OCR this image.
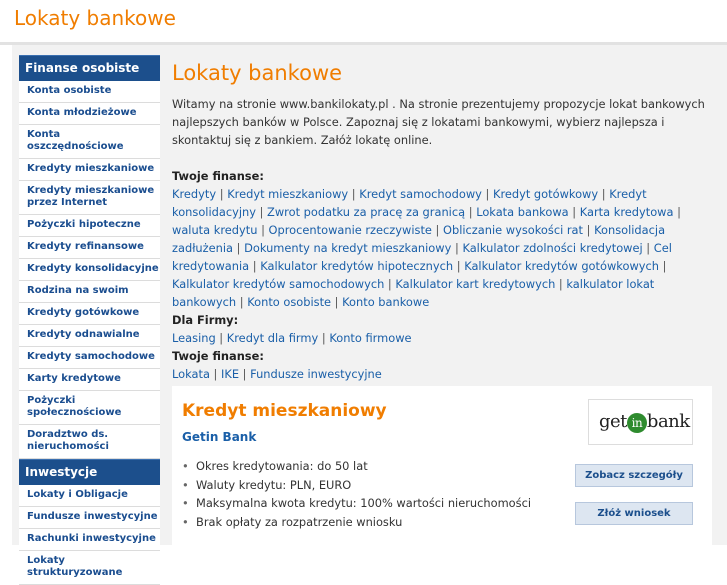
Lokaty bankowe
Finanse osobiste
Konta osobiste
Konta młodzieżowe
Konta oszczędnościowe
Kredyty mieszkaniowe
Kredyty mieszkaniowe przez Internet
Pożyczki hipoteczne
Kredyty refinansowe
Kredyty konsolidacyjne
Rodzina na swoim
Kredyty gotówkowe
Kredyty odnawialne
Kredyty samochodowe
Karty kredytowe
Pożyczki społecznościowe
Doradztwo ds. nieruchomości
Inwestycje
Lokaty i Obligacje
Fundusze inwestycyjne
Rachunki inwestycyjne
Lokaty strukturyzowane
Lokaty bankowe
Witamy na stronie www.bankilokaty.pl . Na stronie prezentujemy propozycje lokat bankowych najlepszych banków w Polsce. Zapoznaj się z lokatami bankowymi, wybierz najlepsza i skontaktuj się z bankiem. Załóż lokatę online.
Twoje finanse:
Kredyty | Kredyt mieszkaniowy | Kredyt samochodowy | Kredyt gotówkowy | Kredyt konsolidacyjny | Zwrot podatku za pracę za granicą | Lokata bankowa | Karta kredytowa | waluta kredytu | Oprocentowanie rzeczywiste | Obliczanie wysokości rat | Konsolidacja zadłużenia | Dokumenty na kredyt mieszkaniowy | Kalkulator zdolności kredytowej | Cel kredytowania | Kalkulator kredytów hipotecznych | Kalkulator kredytów gotówkowych | Kalkulator kredytów samochodowych | Kalkulator kart kredytowych | kalkulator lokat bankowych | Konto osobiste | Konto bankowe
Dla Firmy:
Leasing | Kredyt dla firmy | Konto firmowe
Twoje finanse:
Lokata | IKE | Fundusze inwestycyjne
Kredyt mieszkaniowy
Getin Bank
get in bank
• Okres kredytowania: do 50 lat
• Waluty kredytu: PLN, EURO
• Maksymalna kwota kredytu: 100% wartości nieruchomości
• Brak opłaty za rozpatrzenie wniosku
Zobacz szczegóły
Złóż wniosek
